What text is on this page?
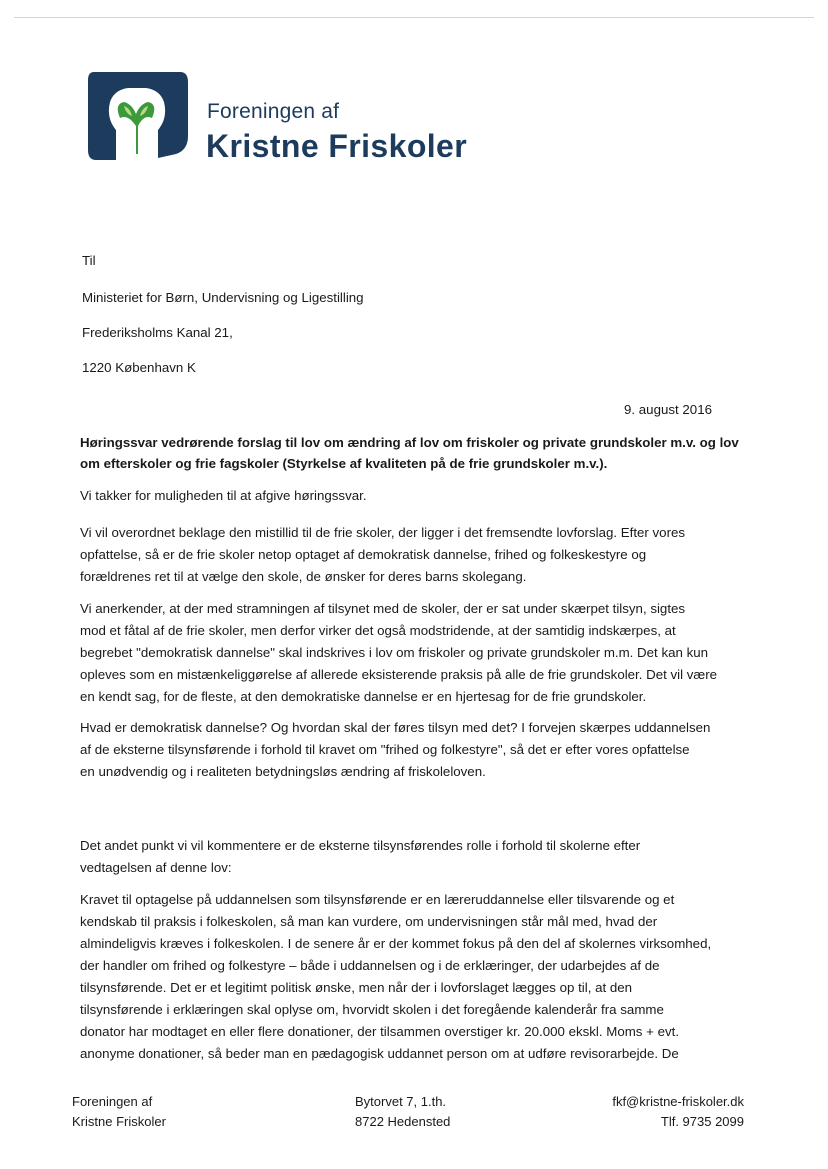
Foreningen af
Kristne Friskoler
Til
Ministeriet for Børn, Undervisning og Ligestilling
Frederiksholms Kanal 21,
1220 København K
9. august 2016
Høringssvar vedrørende forslag til lov om ændring af lov om friskoler og private grundskoler m.v. og lov
om efterskoler og frie fagskoler (Styrkelse af kvaliteten på de frie grundskoler m.v.).
Vi takker for muligheden til at afgive høringssvar.
Vi vil overordnet beklage den mistillid til de frie skoler, der ligger i det fremsendte lovforslag. Efter vores
opfattelse, så er de frie skoler netop optaget af demokratisk dannelse, frihed og folkeskestyre og
forældrenes ret til at vælge den skole, de ønsker for deres barns skolegang.
Vi anerkender, at der med stramningen af tilsynet med de skoler, der er sat under skærpet tilsyn, sigtes
mod et fåtal af de frie skoler, men derfor virker det også modstridende, at der samtidig indskærpes, at
begrebet "demokratisk dannelse" skal indskrives i lov om friskoler og private grundskoler m.m. Det kan kun
opleves som en mistænkeliggørelse af allerede eksisterende praksis på alle de frie grundskoler. Det vil være
en kendt sag, for de fleste, at den demokratiske dannelse er en hjertesag for de frie grundskoler.
Hvad er demokratisk dannelse? Og hvordan skal der føres tilsyn med det? I forvejen skærpes uddannelsen
af de eksterne tilsynsførende i forhold til kravet om "frihed og folkestyre", så det er efter vores opfattelse
en unødvendig og i realiteten betydningsløs ændring af friskoleloven.
Det andet punkt vi vil kommentere er de eksterne tilsynsførendes rolle i forhold til skolerne efter
vedtagelsen af denne lov:
Kravet til optagelse på uddannelsen som tilsynsførende er en læreruddannelse eller tilsvarende og et
kendskab til praksis i folkeskolen, så man kan vurdere, om undervisningen står mål med, hvad der
almindeligvis kræves i folkeskolen. I de senere år er der kommet fokus på den del af skolernes virksomhed,
der handler om frihed og folkestyre – både i uddannelsen og i de erklæringer, der udarbejdes af de
tilsynsførende. Det er et legitimt politisk ønske, men når der i lovforslaget lægges op til, at den
tilsynsførende i erklæringen skal oplyse om, hvorvidt skolen i det foregående kalenderår fra samme
donator har modtaget en eller flere donationer, der tilsammen overstiger kr. 20.000 ekskl. Moms + evt.
anonyme donationer, så beder man en pædagogisk uddannet person om at udføre revisorarbejde. De
Foreningen af
Kristne Friskoler
Bytorvet 7, 1.th.
8722 Hedensted
fkf@kristne-friskoler.dk
Tlf. 9735 2099
